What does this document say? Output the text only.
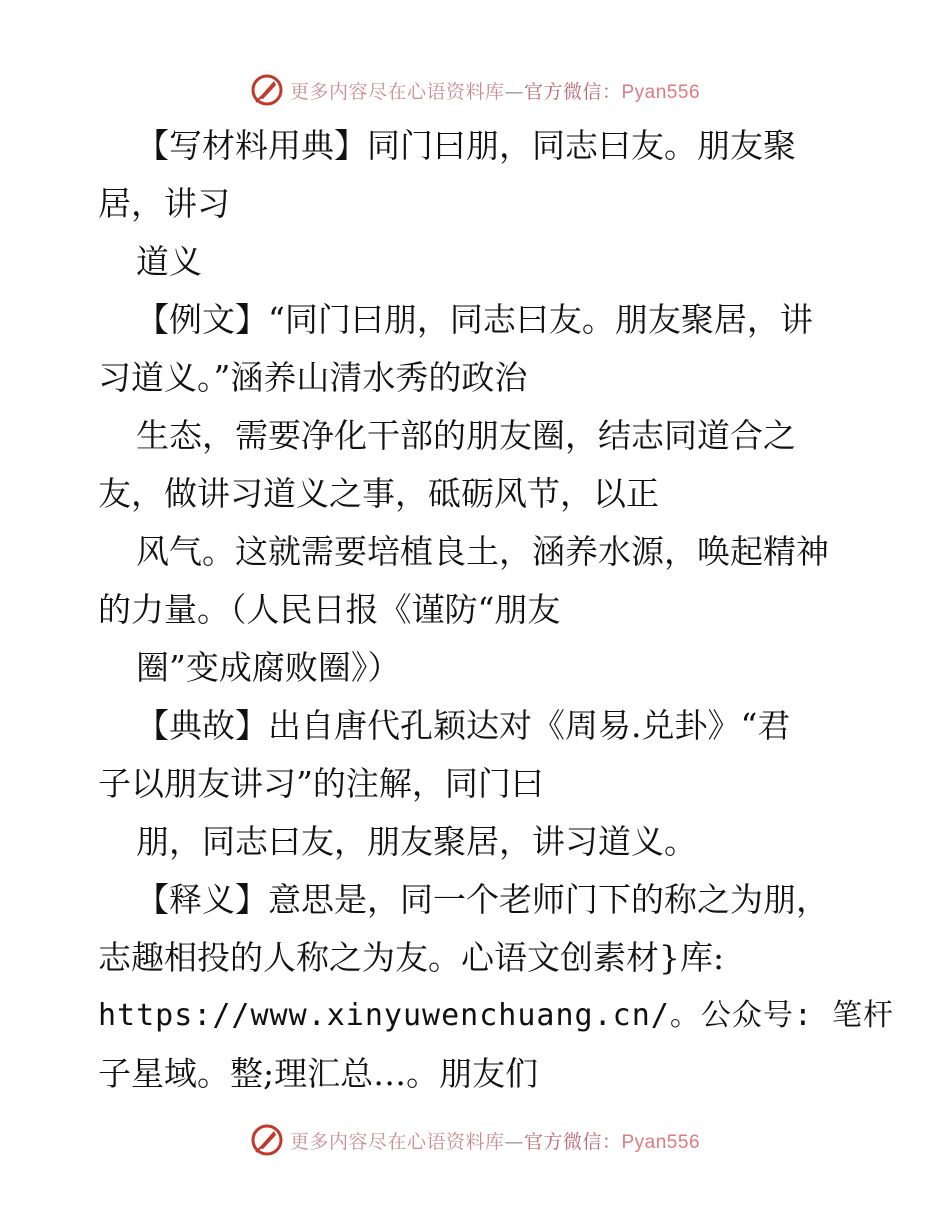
更多内容尽在心语资料库—官方微信：Pyan556
【写材料用典】同门曰朋，同志曰友。朋友聚
居，讲习
道义
【例文】“同门曰朋，同志曰友。朋友聚居，讲
习道义。”涵养山清水秀的政治
生态，需要净化干部的朋友圈，结志同道合之
友，做讲习道义之事，砥砺风节，以正
风气。这就需要培植良土，涵养水源，唤起精神
的力量。（人民日报《谨防“朋友
圈”变成腐败圈》）
【典故】出自唐代孔颖达对《周易.兑卦》“君
子以朋友讲习”的注解，同门曰
朋，同志曰友，朋友聚居，讲习道义。
【释义】意思是，同一个老师门下的称之为朋，
志趣相投的人称之为友。心语文创素材}库:
https://www.xinyuwenchuang.cn/。公众号: 笔杆
子星域。整;理汇总…。朋友们
更多内容尽在心语资料库—官方微信：Pyan556
